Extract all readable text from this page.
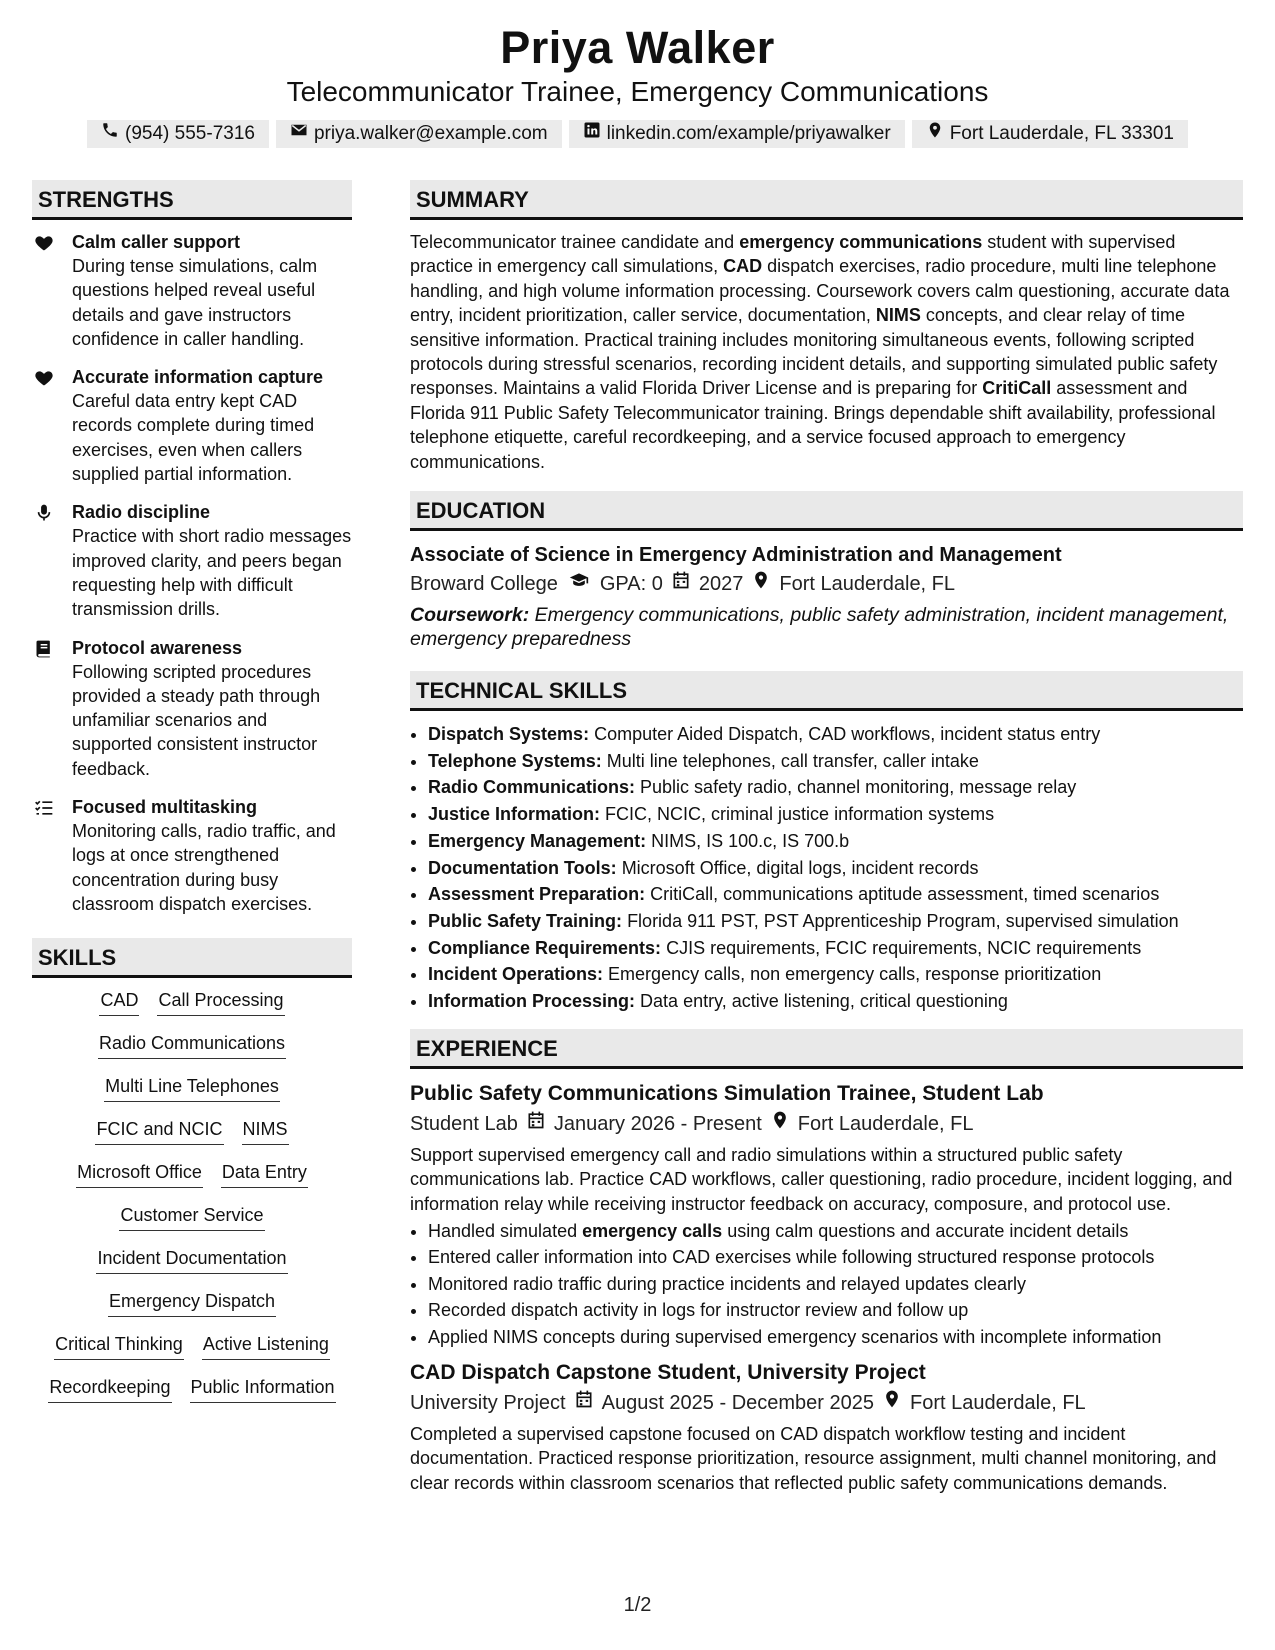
Priya Walker
Telecommunicator Trainee, Emergency Communications
(954) 555-7316	priya.walker@example.com	linkedin.com/example/priyawalker	Fort Lauderdale, FL 33301
STRENGTHS
Calm caller support
During tense simulations, calm questions helped reveal useful details and gave instructors confidence in caller handling.
Accurate information capture
Careful data entry kept CAD records complete during timed exercises, even when callers supplied partial information.
Radio discipline
Practice with short radio messages improved clarity, and peers began requesting help with difficult transmission drills.
Protocol awareness
Following scripted procedures provided a steady path through unfamiliar scenarios and supported consistent instructor feedback.
Focused multitasking
Monitoring calls, radio traffic, and logs at once strengthened concentration during busy classroom dispatch exercises.
SKILLS
CAD Call Processing
Radio Communications
Multi Line Telephones
FCIC and NCIC NIMS
Microsoft Office Data Entry
Customer Service
Incident Documentation
Emergency Dispatch
Critical Thinking Active Listening
Recordkeeping Public Information
SUMMARY

Telecommunicator trainee candidate and emergency communications student with supervised practice in emergency call simulations, CAD dispatch exercises, radio procedure, multi line telephone handling, and high volume information processing. Coursework covers calm questioning, accurate data entry, incident prioritization, caller service, documentation, NIMS concepts, and clear relay of time sensitive information. Practical training includes monitoring simultaneous events, following scripted protocols during stressful scenarios, recording incident details, and supporting simulated public safety responses. Maintains a valid Florida Driver License and is preparing for CritiCall assessment and Florida 911 Public Safety Telecommunicator training. Brings dependable shift availability, professional telephone etiquette, careful recordkeeping, and a service focused approach to emergency communications.

EDUCATION
Associate of Science in Emergency Administration and Management
Broward College GPA: 0 2027 Fort Lauderdale, FL
Coursework: Emergency communications, public safety administration, incident management, emergency preparedness
TECHNICAL SKILLS
• Dispatch Systems: Computer Aided Dispatch, CAD workflows, incident status entry
• Telephone Systems: Multi line telephones, call transfer, caller intake
• Radio Communications: Public safety radio, channel monitoring, message relay
• Justice Information: FCIC, NCIC, criminal justice information systems
• Emergency Management: NIMS, IS 100.c, IS 700.b
• Documentation Tools: Microsoft Office, digital logs, incident records
• Assessment Preparation: CritiCall, communications aptitude assessment, timed scenarios
• Public Safety Training: Florida 911 PST, PST Apprenticeship Program, supervised simulation
• Compliance Requirements: CJIS requirements, FCIC requirements, NCIC requirements
• Incident Operations: Emergency calls, non emergency calls, response prioritization
• Information Processing: Data entry, active listening, critical questioning
EXPERIENCE
Public Safety Communications Simulation Trainee, Student Lab
Student Lab January 2026 - Present Fort Lauderdale, FL

Support supervised emergency call and radio simulations within a structured public safety communications lab. Practice CAD workflows, caller questioning, radio procedure, incident logging, and information relay while receiving instructor feedback on accuracy, composure, and protocol use.

• Handled simulated emergency calls using calm questions and accurate incident details
• Entered caller information into CAD exercises while following structured response protocols
• Monitored radio traffic during practice incidents and relayed updates clearly
• Recorded dispatch activity in logs for instructor review and follow up
• Applied NIMS concepts during supervised emergency scenarios with incomplete information
CAD Dispatch Capstone Student, University Project
University Project August 2025 - December 2025 Fort Lauderdale, FL

Completed a supervised capstone focused on CAD dispatch workflow testing and incident documentation. Practiced response prioritization, resource assignment, multi channel monitoring, and clear records within classroom scenarios that reflected public safety communications demands.

1/2
